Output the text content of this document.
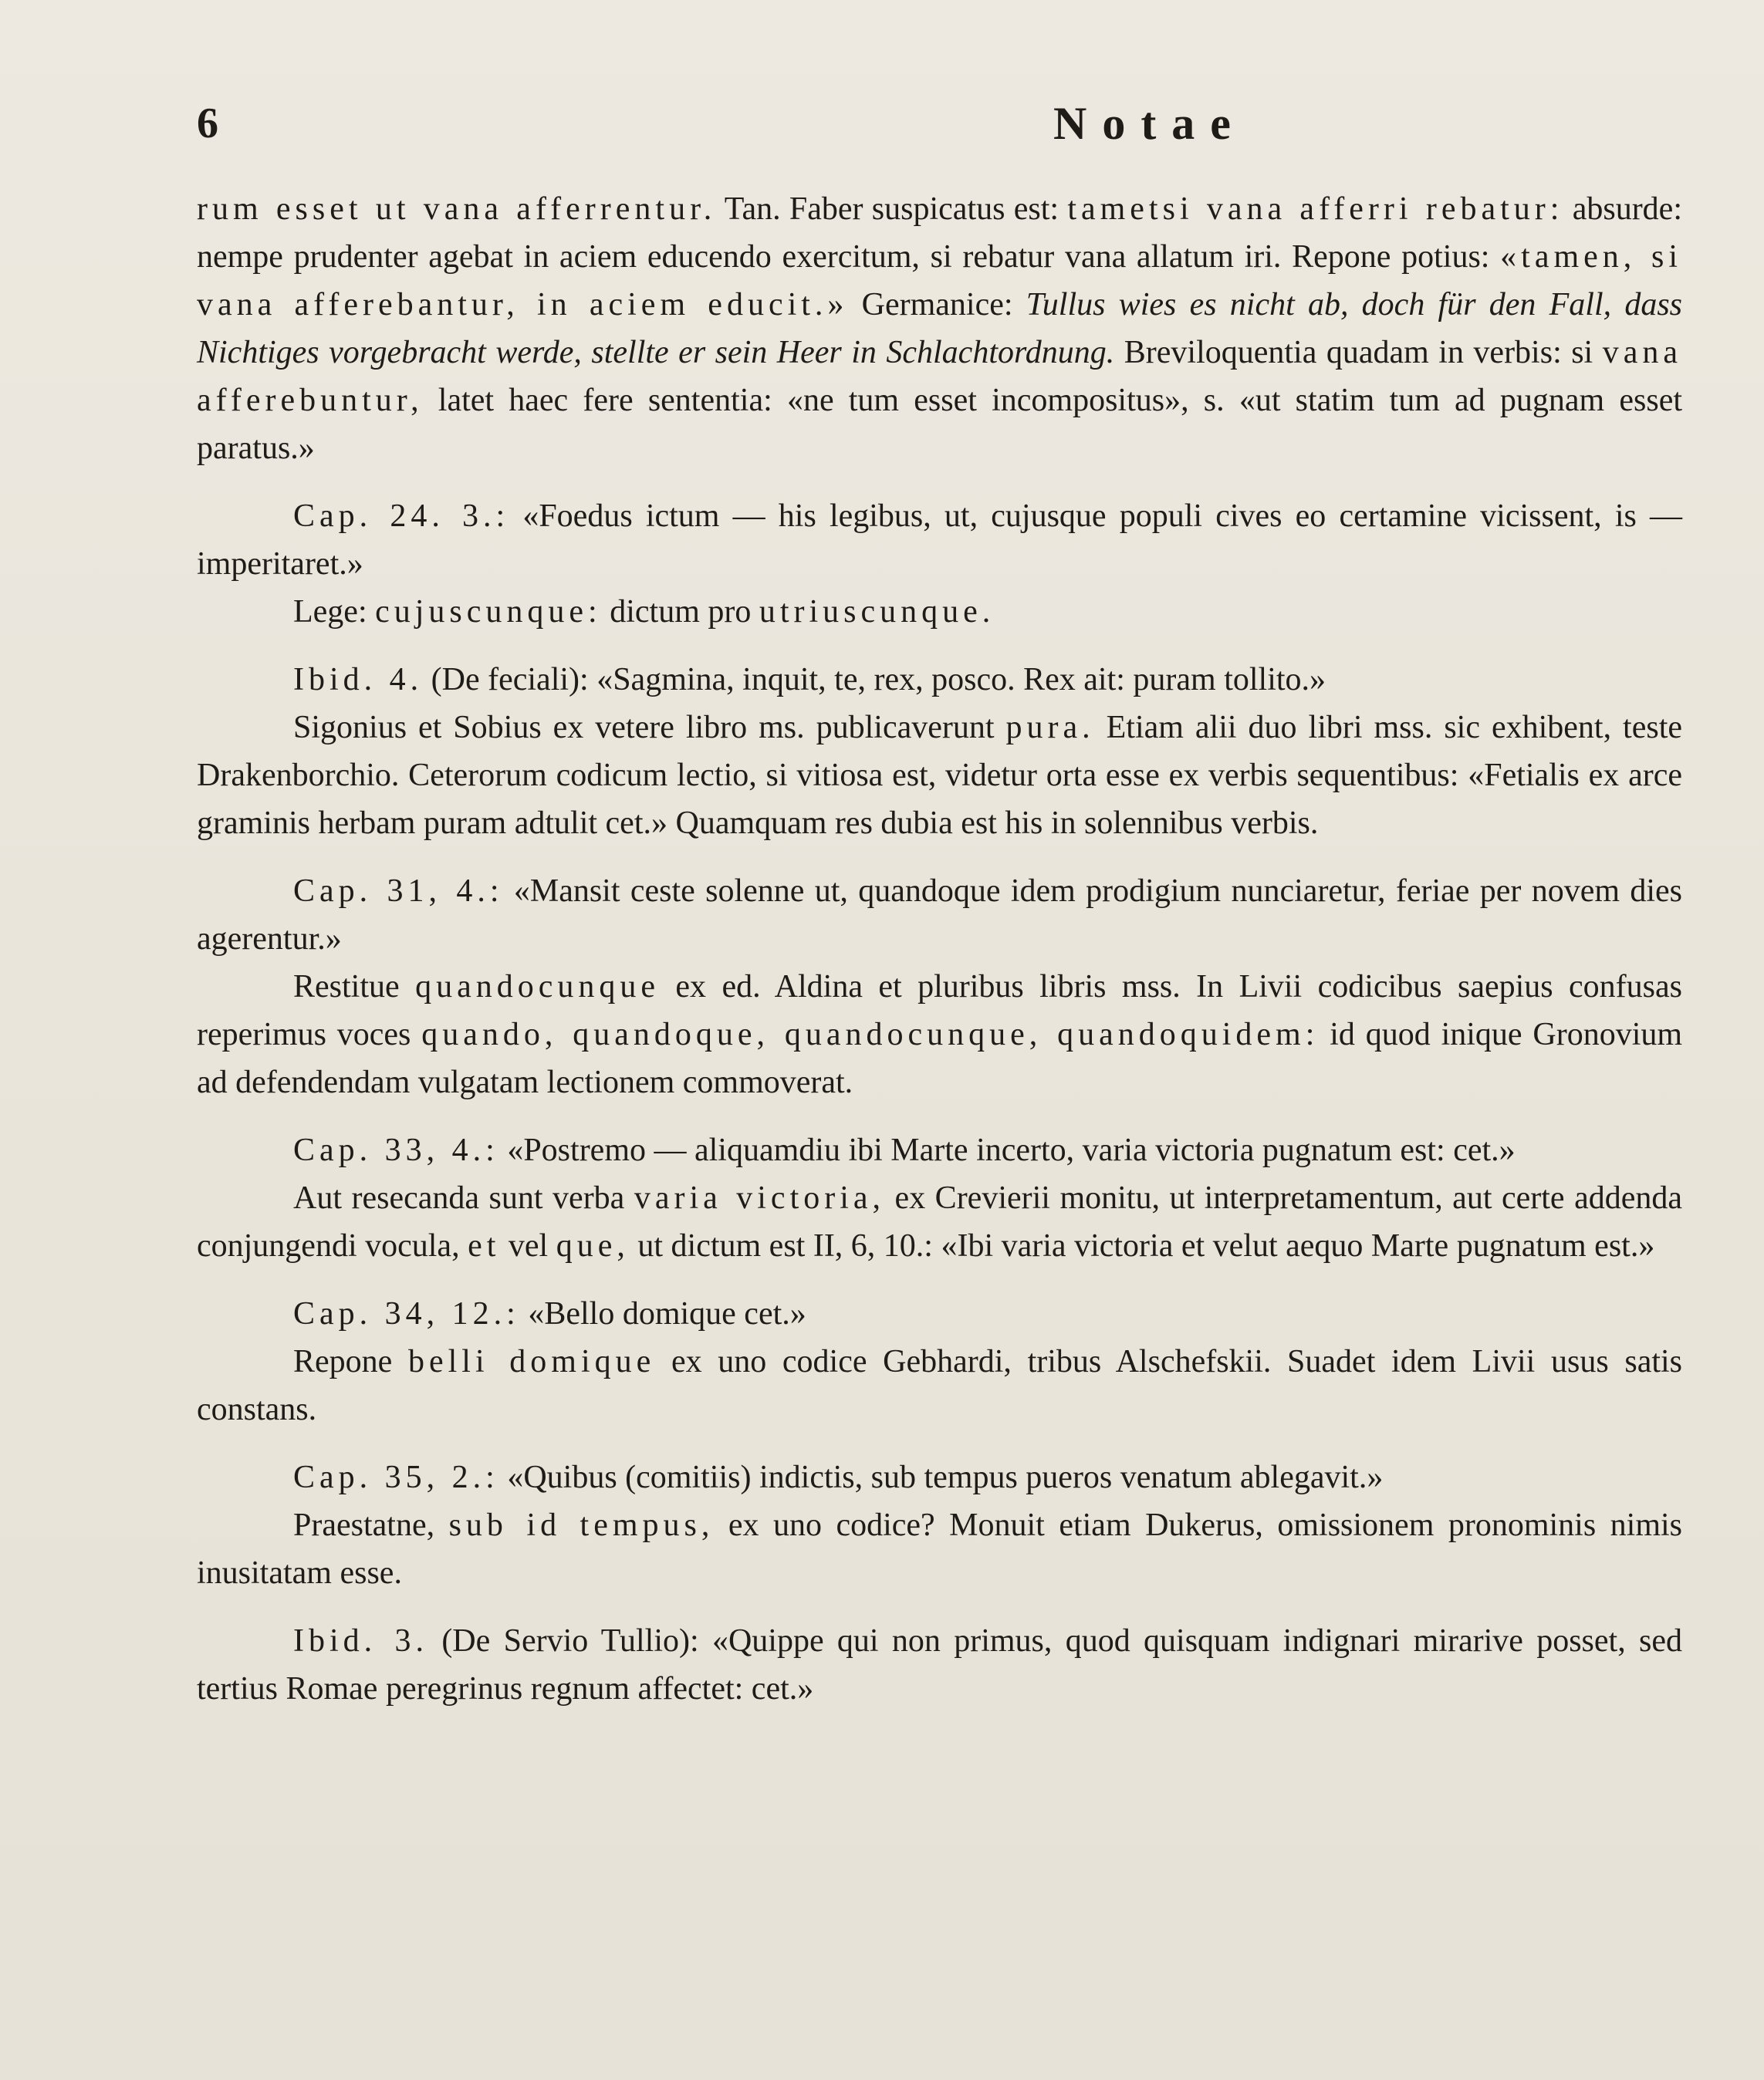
6	Notae

rum esset ut vana afferrentur. Tan. Faber suspicatus est: tametsi vana afferri rebatur: absurde: nempe prudenter agebat in aciem educendo exercitum, si rebatur vana allatum iri. Repone potius: «tamen, si vana afferebantur, in aciem educit.» Germanice: Tullus wies es nicht ab, doch für den Fall, dass Nichtiges vorgebracht werde, stellte er sein Heer in Schlachtordnung. Breviloquentia quadam in verbis: si vana afferebuntur, latet haec fere sententia: «ne tum esset incompositus», s. «ut statim tum ad pugnam esset paratus.»

Cap. 24. 3.: «Foedus ictum — his legibus, ut, cujusque populi cives eo certamine vicissent, is — imperitaret.»

Lege: cujuscunque: dictum pro utriuscunque.

Ibid. 4. (De feciali): «Sagmina, inquit, te, rex, posco. Rex ait: puram tollito.»

Sigonius et Sobius ex vetere libro ms. publicaverunt pura. Etiam alii duo libri mss. sic exhibent, teste Drakenborchio. Ceterorum codicum lectio, si vitiosa est, videtur orta esse ex verbis sequentibus: «Fetialis ex arce graminis herbam puram adtulit cet.» Quamquam res dubia est his in solennibus verbis.

Cap. 31, 4.: «Mansit ceste solenne ut, quandoque idem prodigium nunciaretur, feriae per novem dies agerentur.»

Restitue quandocunque ex ed. Aldina et pluribus libris mss. In Livii codicibus saepius confusas reperimus voces quando, quandoque, quandocunque, quandoquidem: id quod inique Gronovium ad defendendam vulgatam lectionem commoverat.

Cap. 33, 4.: «Postremo — aliquamdiu ibi Marte incerto, varia victoria pugnatum est: cet.»

Aut resecanda sunt verba varia victoria, ex Crevierii monitu, ut interpretamentum, aut certe addenda conjungendi vocula, et vel que, ut dictum est II, 6, 10.: «Ibi varia victoria et velut aequo Marte pugnatum est.»

Cap. 34, 12.: «Bello domique cet.»

Repone belli domique ex uno codice Gebhardi, tribus Alschefskii. Suadet idem Livii usus satis constans.

Cap. 35, 2.: «Quibus (comitiis) indictis, sub tempus pueros venatum ablegavit.»

Praestatne, sub id tempus, ex uno codice? Monuit etiam Dukerus, omissionem pronominis nimis inusitatam esse.

Ibid. 3. (De Servio Tullio): «Quippe qui non primus, quod quisquam indignari mirarive posset, sed tertius Romae peregrinus regnum affectet: cet.»
